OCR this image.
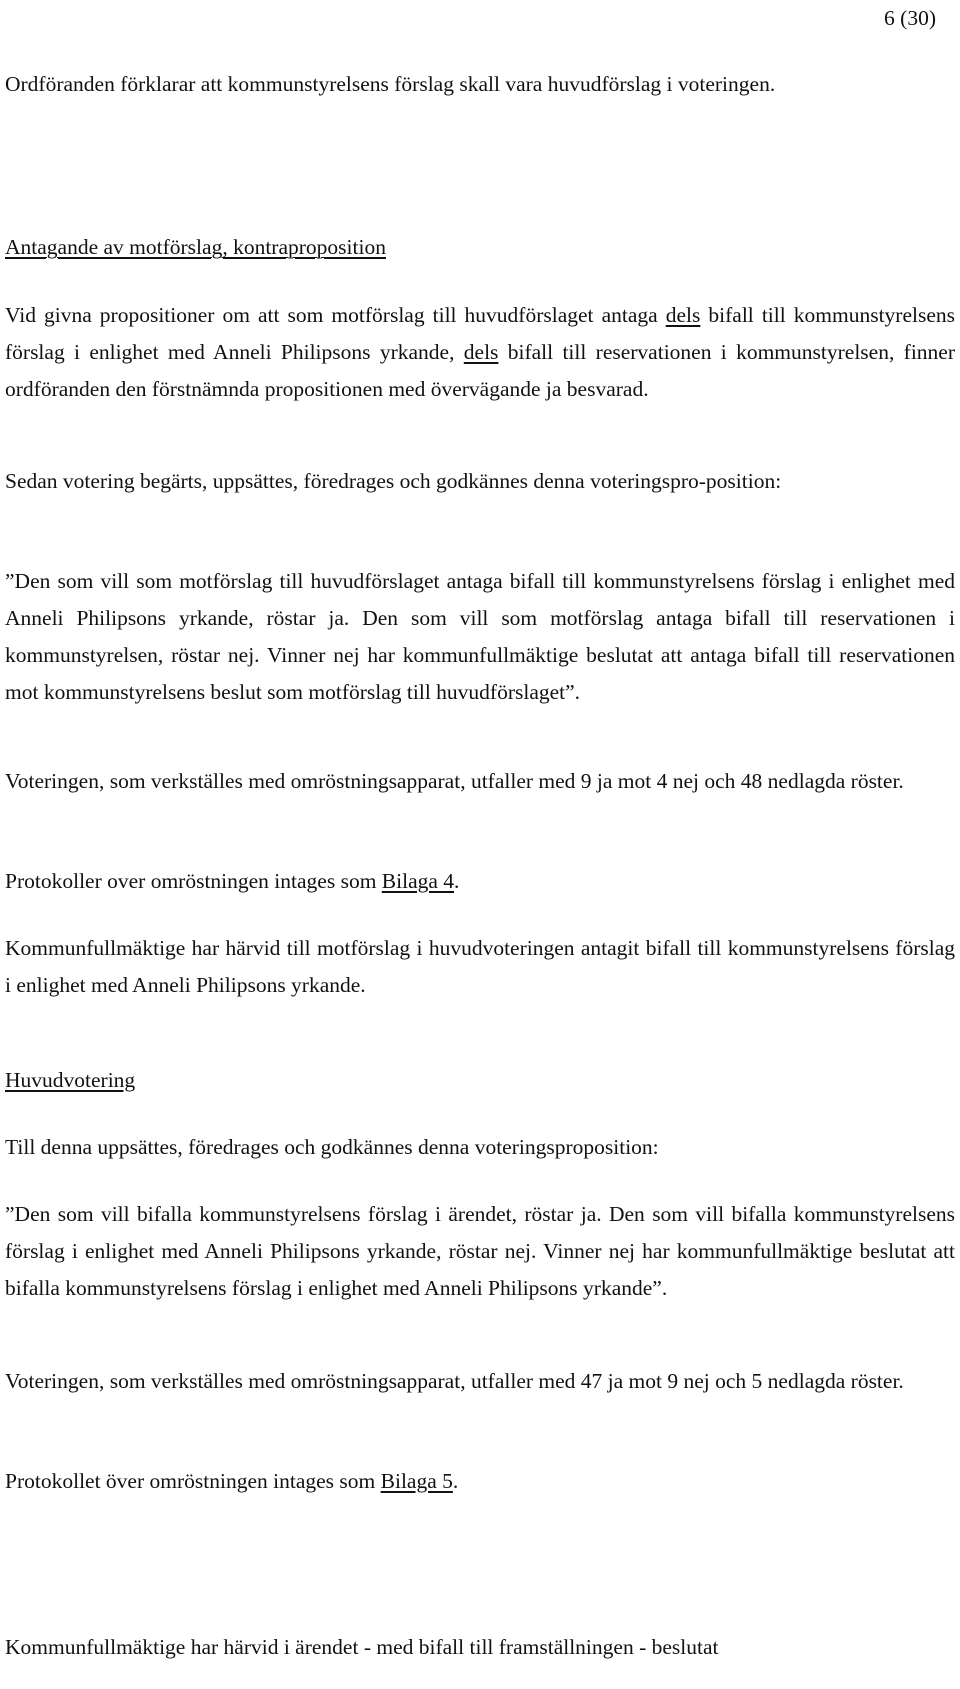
6 (30)

Ordföranden förklarar att kommunstyrelsens förslag skall vara huvudförslag i voteringen.

Antagande av motförslag, kontraproposition

Vid givna propositioner om att som motförslag till huvudförslaget antaga dels bifall till kommunstyrelsens förslag i enlighet med Anneli Philipsons yrkande, dels bifall till reservationen i kommunstyrelsen, finner ordföranden den förstnämnda propositionen med övervägande ja besvarad.

Sedan votering begärts, uppsättes, föredrages och godkännes denna voteringspro-position:

”Den som vill som motförslag till huvudförslaget antaga bifall till kommunstyrelsens förslag i enlighet med Anneli Philipsons yrkande, röstar ja. Den som vill som motförslag antaga bifall till reservationen i kommunstyrelsen, röstar nej. Vinner nej har kommunfullmäktige beslutat att antaga bifall till reservationen mot kommunstyrelsens beslut som motförslag till huvudförslaget”.

Voteringen, som verkställes med omröstningsapparat, utfaller med 9 ja mot 4 nej och 48 nedlagda röster.

Protokoller over omröstningen intages som Bilaga 4.

Kommunfullmäktige har härvid till motförslag i huvudvoteringen antagit bifall till kommunstyrelsens förslag i enlighet med Anneli Philipsons yrkande.

Huvudvotering

Till denna uppsättes, föredrages och godkännes denna voteringsproposition:

”Den som vill bifalla kommunstyrelsens förslag i ärendet, röstar ja. Den som vill bifalla kommunstyrelsens förslag i enlighet med Anneli Philipsons yrkande, röstar nej. Vinner nej har kommunfullmäktige beslutat att bifalla kommunstyrelsens förslag i enlighet med Anneli Philipsons yrkande”.

Voteringen, som verkställes med omröstningsapparat, utfaller med 47 ja mot 9 nej och 5 nedlagda röster.

Protokollet över omröstningen intages som Bilaga 5.

Kommunfullmäktige har härvid i ärendet - med bifall till framställningen - beslutat
